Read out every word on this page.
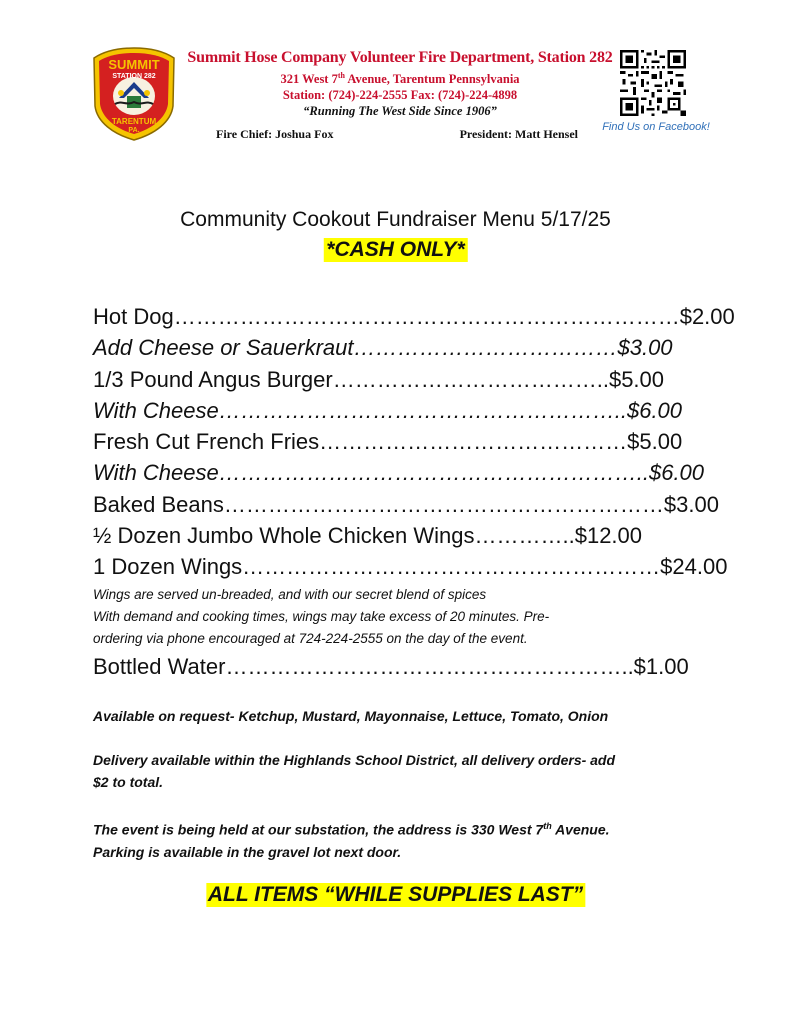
SUMMIT
STATION 282
TARENTUM
PA.
Summit Hose Company Volunteer Fire Department, Station 282
321 West 7th Avenue, Tarentum Pennsylvania
Station: (724)-224-2555 Fax: (724)-224-4898
“Running The West Side Since 1906”
Fire Chief: Joshua Fox	President: Matt Hensel	Find Us on Facebook!
Community Cookout Fundraiser Menu 5/17/25
*CASH ONLY*
Hot Dog……………………………………………………………$2.00
Add Cheese or Sauerkraut………………………………$3.00
1/3 Pound Angus Burger………………………………..$5.00
With Cheese………………………………………………..$6.00
Fresh Cut French Fries……………………………………$5.00
With Cheese…………………………………………………..$6.00
Baked Beans……………………………………………………$3.00
½ Dozen Jumbo Whole Chicken Wings…………..$12.00
1 Dozen Wings…………………………………………………$24.00
Wings are served un-breaded, and with our secret blend of spices
With demand and cooking times, wings may take excess of 20 minutes. Pre-
ordering via phone encouraged at 724-224-2555 on the day of the event.
Bottled Water………………………………………………..$1.00
Available on request- Ketchup, Mustard, Mayonnaise, Lettuce, Tomato, Onion
Delivery available within the Highlands School District, all delivery orders- add
$2 to total.
The event is being held at our substation, the address is 330 West 7th Avenue.
Parking is available in the gravel lot next door.
ALL ITEMS “WHILE SUPPLIES LAST”
